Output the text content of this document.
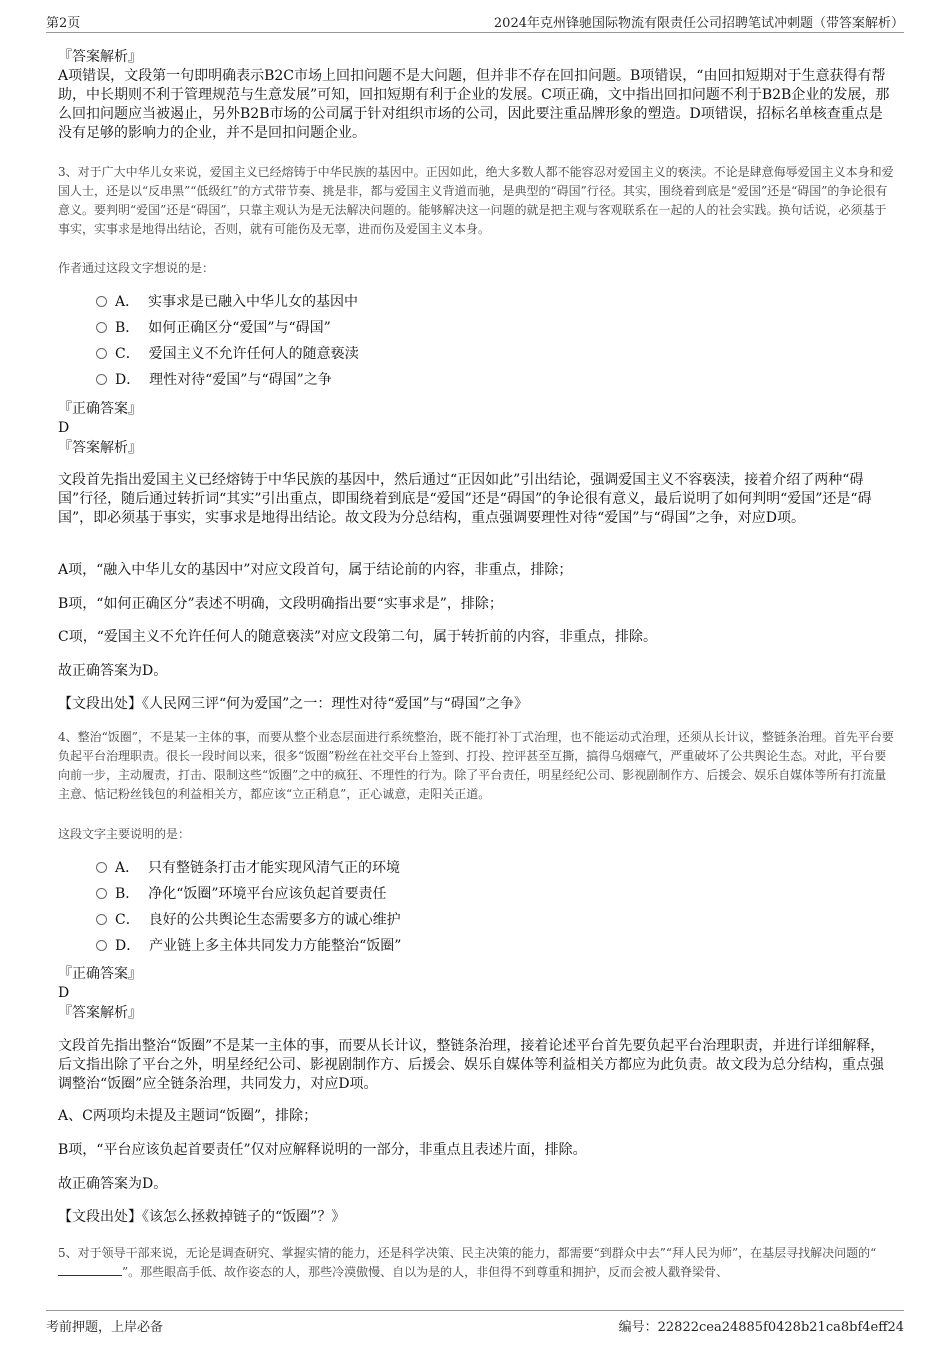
第2页	2024年克州锋驰国际物流有限责任公司招聘笔试冲刺题（带答案解析）
『答案解析』
A项错误，文段第一句即明确表示B2C市场上回扣问题不是大问题，但并非不存在回扣问题。B项错误，“由回扣短期对于生意获得有帮助，中长期则不利于管理规范与生意发展”可知，回扣短期有利于企业的发展。C项正确，文中指出回扣问题不利于B2B企业的发展，那么回扣问题应当被遏止，另外B2B市场的公司属于针对组织市场的公司，因此要注重品牌形象的塑造。D项错误，招标名单核查重点是没有足够的影响力的企业，并不是回扣问题企业。
3、对于广大中华儿女来说，爱国主义已经熔铸于中华民族的基因中。正因如此，绝大多数人都不能容忍对爱国主义的亵渎。不论是肆意侮辱爱国主义本身和爱国人士，还是以“反串黑”“低级红”的方式带节奏、挑是非，都与爱国主义背道而驰，是典型的“碍国”行径。其实，围绕着到底是“爱国”还是“碍国”的争论很有意义。要判明“爱国”还是“碍国”，只靠主观认为是无法解决问题的。能够解决这一问题的就是把主观与客观联系在一起的人的社会实践。换句话说，必须基于事实，实事求是地得出结论，否则，就有可能伤及无辜，进而伤及爱国主义本身。
作者通过这段文字想说的是：
A． 实事求是已融入中华儿女的基因中
B． 如何正确区分“爱国”与“碍国”
C． 爱国主义不允许任何人的随意亵渎
D． 理性对待“爱国”与“碍国”之争
『正确答案』
D
『答案解析』
文段首先指出爱国主义已经熔铸于中华民族的基因中，然后通过“正因如此”引出结论，强调爱国主义不容亵渎，接着介绍了两种“碍国”行径，随后通过转折词“其实”引出重点，即围绕着到底是“爱国”还是“碍国”的争论很有意义，最后说明了如何判明“爱国”还是“碍国”，即必须基于事实，实事求是地得出结论。故文段为分总结构，重点强调要理性对待“爱国”与“碍国”之争，对应D项。
A项，“融入中华儿女的基因中”对应文段首句，属于结论前的内容，非重点，排除；
B项，“如何正确区分”表述不明确，文段明确指出要“实事求是”，排除；
C项，“爱国主义不允许任何人的随意亵渎”对应文段第二句，属于转折前的内容，非重点，排除。
故正确答案为D。
【文段出处】《人民网三评“何为爱国”之一：理性对待“爱国”与“碍国”之争》
4、整治“饭圈”，不是某一主体的事，而要从整个业态层面进行系统整治，既不能打补丁式治理，也不能运动式治理，还须从长计议，整链条治理。首先平台要负起平台治理职责。很长一段时间以来，很多“饭圈”粉丝在社交平台上签到、打投、控评甚至互撕，搞得乌烟瘴气，严重破坏了公共舆论生态。对此，平台要向前一步，主动履责，打击、限制这些“饭圈”之中的疯狂、不理性的行为。除了平台责任，明星经纪公司、影视剧制作方、后援会、娱乐自媒体等所有打流量主意、惦记粉丝钱包的利益相关方，都应该“立正稍息”，正心诚意，走阳关正道。
这段文字主要说明的是：
A． 只有整链条打击才能实现风清气正的环境
B． 净化“饭圈”环境平台应该负起首要责任
C． 良好的公共舆论生态需要多方的诚心维护
D． 产业链上多主体共同发力方能整治“饭圈”
『正确答案』
D
『答案解析』
文段首先指出整治“饭圈”不是某一主体的事，而要从长计议，整链条治理，接着论述平台首先要负起平台治理职责，并进行详细解释，后文指出除了平台之外，明星经纪公司、影视剧制作方、后援会、娱乐自媒体等利益相关方都应为此负责。故文段为总分结构，重点强调整治“饭圈”应全链条治理，共同发力，对应D项。
A、C两项均未提及主题词“饭圈”，排除；
B项，“平台应该负起首要责任”仅对应解释说明的一部分，非重点且表述片面，排除。
故正确答案为D。
【文段出处】《该怎么拯救掉链子的“饭圈”？》
5、对于领导干部来说，无论是调查研究、掌握实情的能力，还是科学决策、民主决策的能力，都需要“到群众中去”“拜人民为师”，在基层寻找解决问题的“”。那些眼高手低、故作姿态的人，那些冷漠傲慢、自以为是的人，非但得不到尊重和拥护，反而会被人戳脊梁骨、
考前押题，上岸必备	编号：22822cea24885f0428b21ca8bf4eff24
